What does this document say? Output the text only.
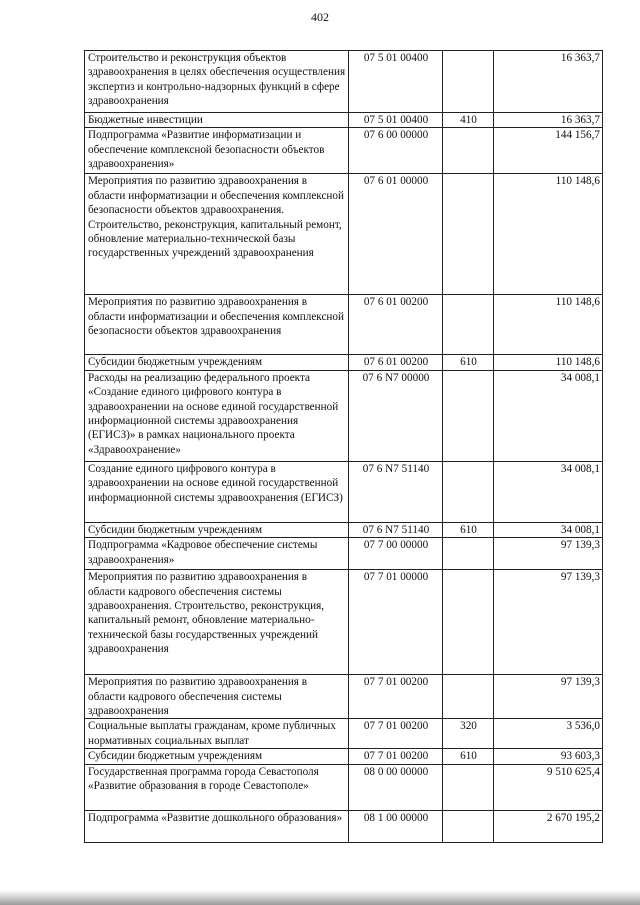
402
Строительство и реконструкция объектов здравоохранения в целях обеспечения осуществления экспертиз и контрольно-надзорных функций в сфере здравоохранения	07 5 01 00400		16 363,7
Бюджетные инвестиции	07 5 01 00400	410	16 363,7
Подпрограмма «Развитие информатизации и обеспечение комплексной безопасности объектов здравоохранения»	07 6 00 00000		144 156,7
Мероприятия по развитию здравоохранения в области информатизации и обеспечения комплексной безопасности объектов здравоохранения. Строительство, реконструкция, капитальный ремонт, обновление материально-технической базы государственных учреждений здравоохранения	07 6 01 00000		110 148,6
Мероприятия по развитию здравоохранения в области информатизации и обеспечения комплексной безопасности объектов здравоохранения	07 6 01 00200		110 148,6
Субсидии бюджетным учреждениям	07 6 01 00200	610	110 148,6
Расходы на реализацию федерального проекта «Создание единого цифрового контура в здравоохранении на основе единой государственной информационной системы здравоохранения (ЕГИСЗ)» в рамках национального проекта «Здравоохранение»	07 6 N7 00000		34 008,1
Создание единого цифрового контура в здравоохранении на основе единой государственной информационной системы здравоохранения (ЕГИСЗ)	07 6 N7 51140		34 008,1
Субсидии бюджетным учреждениям	07 6 N7 51140	610	34 008,1
Подпрограмма «Кадровое обеспечение системы здравоохранения»	07 7 00 00000		97 139,3
Мероприятия по развитию здравоохранения в области кадрового обеспечения системы здравоохранения. Строительство, реконструкция, капитальный ремонт, обновление материально-технической базы государственных учреждений здравоохранения	07 7 01 00000		97 139,3
Мероприятия по развитию здравоохранения в области кадрового обеспечения системы здравоохранения	07 7 01 00200		97 139,3
Социальные выплаты гражданам, кроме публичных нормативных социальных выплат	07 7 01 00200	320	3 536,0
Субсидии бюджетным учреждениям	07 7 01 00200	610	93 603,3
Государственная программа города Севастополя «Развитие образования в городе Севастополе»	08 0 00 00000		9 510 625,4
Подпрограмма «Развитие дошкольного образования»	08 1 00 00000		2 670 195,2
